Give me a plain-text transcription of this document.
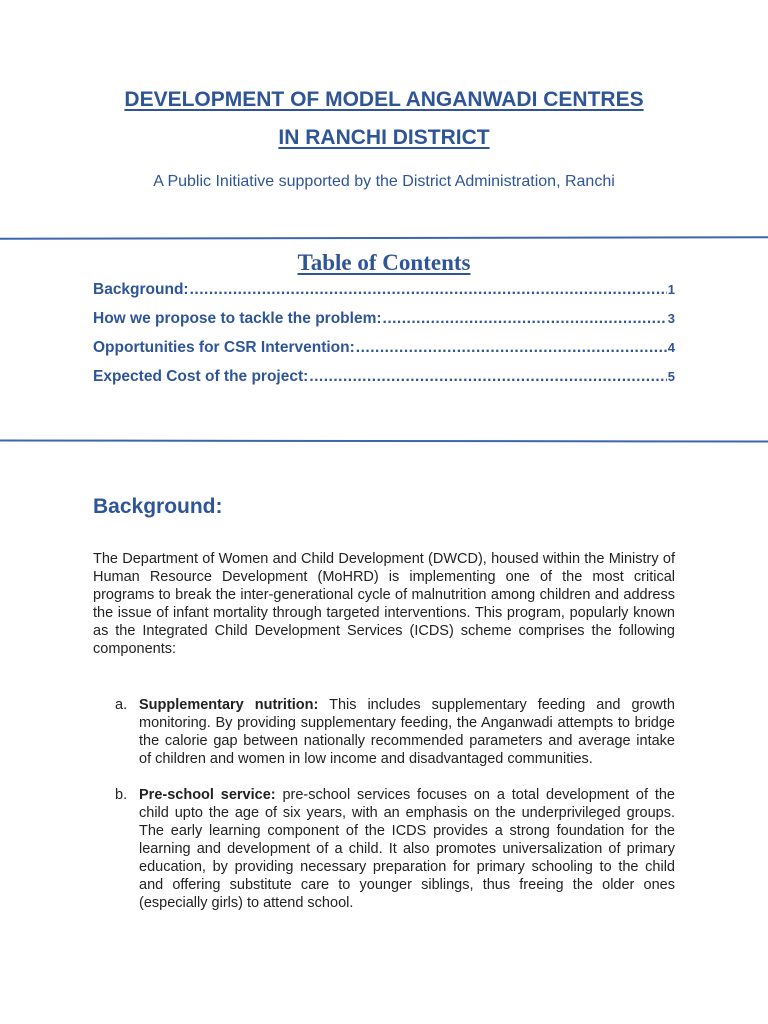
DEVELOPMENT OF MODEL ANGANWADI CENTRES
IN RANCHI DISTRICT
A Public Initiative supported by the District Administration, Ranchi
Table of Contents
Background: .....	1
How we propose to tackle the problem: .....	3
Opportunities for CSR Intervention: .....	4
Expected Cost of the project: .....	5
Background:

The Department of Women and Child Development (DWCD), housed within the Ministry of Human Resource Development (MoHRD) is implementing one of the most critical programs to break the inter-generational cycle of malnutrition among children and address the issue of infant mortality through targeted interventions. This program, popularly known as the Integrated Child Development Services (ICDS) scheme comprises the following components:

a. Supplementary nutrition: This includes supplementary feeding and growth monitoring. By providing supplementary feeding, the Anganwadi attempts to bridge the calorie gap between nationally recommended parameters and average intake of children and women in low income and disadvantaged communities.
b. Pre-school service: pre-school services focuses on a total development of the child upto the age of six years, with an emphasis on the underprivileged groups. The early learning component of the ICDS provides a strong foundation for the learning and development of a child. It also promotes universalization of primary education, by providing necessary preparation for primary schooling to the child and offering substitute care to younger siblings, thus freeing the older ones (especially girls) to attend school.
